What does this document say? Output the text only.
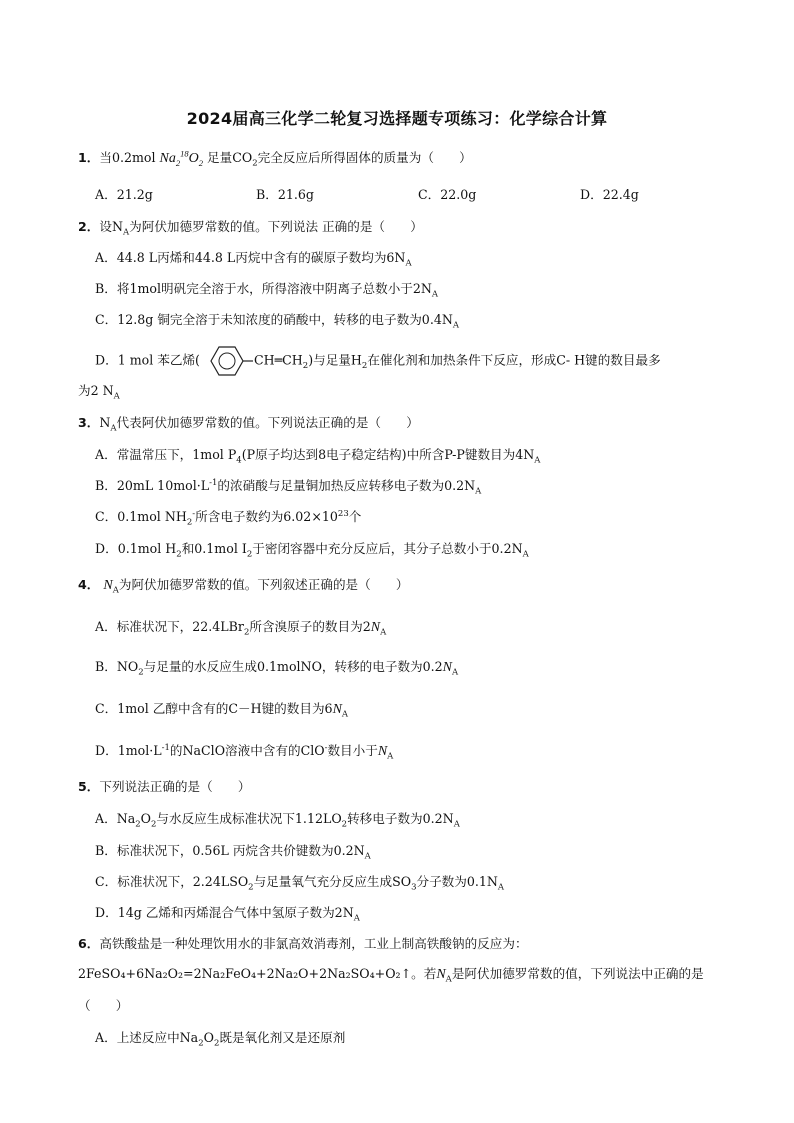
2024届高三化学二轮复习选择题专项练习：化学综合计算
1．当0.2mol $Na_2^{18}O_2$ 足量$CO_2$完全反应后所得固体的质量为（　　）
A．21.2g	B．21.6g	C．22.0g	D．22.4g
2．设$N_A$为阿伏加德罗常数的值。下列说法 正确的是（　　）
A．44.8 L丙烯和44.8 L丙烷中含有的碳原子数均为$6N_A$
B．将1mol明矾完全溶于水，所得溶液中阴离子总数小于$2N_A$
C．12.8g 铜完全溶于未知浓度的硝酸中，转移的电子数为$0.4N_A$
D．1 mol 苯乙烯(	$CH═CH_2$)与足量$H_2$在催化剂和加热条件下反应，形成C- H键的数目最多
为2 $N_A$
3．$N_A$代表阿伏加德罗常数的值。下列说法正确的是（　　）
A．常温常压下，1mol $P_4(P$原子均达到8电子稳定结构)中所含P-P键数目为$4N_A$
B．20mL $10mol\cdot L^{-1}$的浓硝酸与足量铜加热反应转移电子数为$0.2N_A$
C．0.1mol $NH_2^-$所含电子数约为$6.02\times 10^{23}$个
D．0.1mol $H_2$和0.1mol $I_2$于密闭容器中充分反应后，其分子总数小于$0.2N_A$
4． $N_A$为阿伏加德罗常数的值。下列叙述正确的是（　　）
A．标准状况下，22.4LBr$_2$所含溴原子的数目为$2N_A$
B．$NO_2$与足量的水反应生成0.1molNO，转移的电子数为$0.2N_A$
C．1mol 乙醇中含有的C－H键的数目为$6N_A$
D．$1mol\cdot L^{-1}$的NaClO溶液中含有的ClO-数目小于$N_A$
5．下列说法正确的是（　　）
A．$Na_2O_2$与水反应生成标准状况下$1.12LO_2$转移电子数为$0.2N_A$
B．标准状况下，0.56L 丙烷含共价键数为$0.2N_A$
C．标准状况下，$2.24LSO_2$与足量氧气充分反应生成$SO_3$分子数为$0.1N_A$
D．14g 乙烯和丙烯混合气体中氢原子数为$2N_A$
6．高铁酸盐是一种处理饮用水的非氯高效消毒剂，工业上制高铁酸钠的反应为：
2FeSO₄+6Na₂O₂=2Na₂FeO₄+2Na₂O+2Na₂SO₄+O₂↑。若$N_A$是阿伏加德罗常数的值，下列说法中正确的是
（　　）
A．上述反应中$Na_2O_2$既是氧化剂又是还原剂
